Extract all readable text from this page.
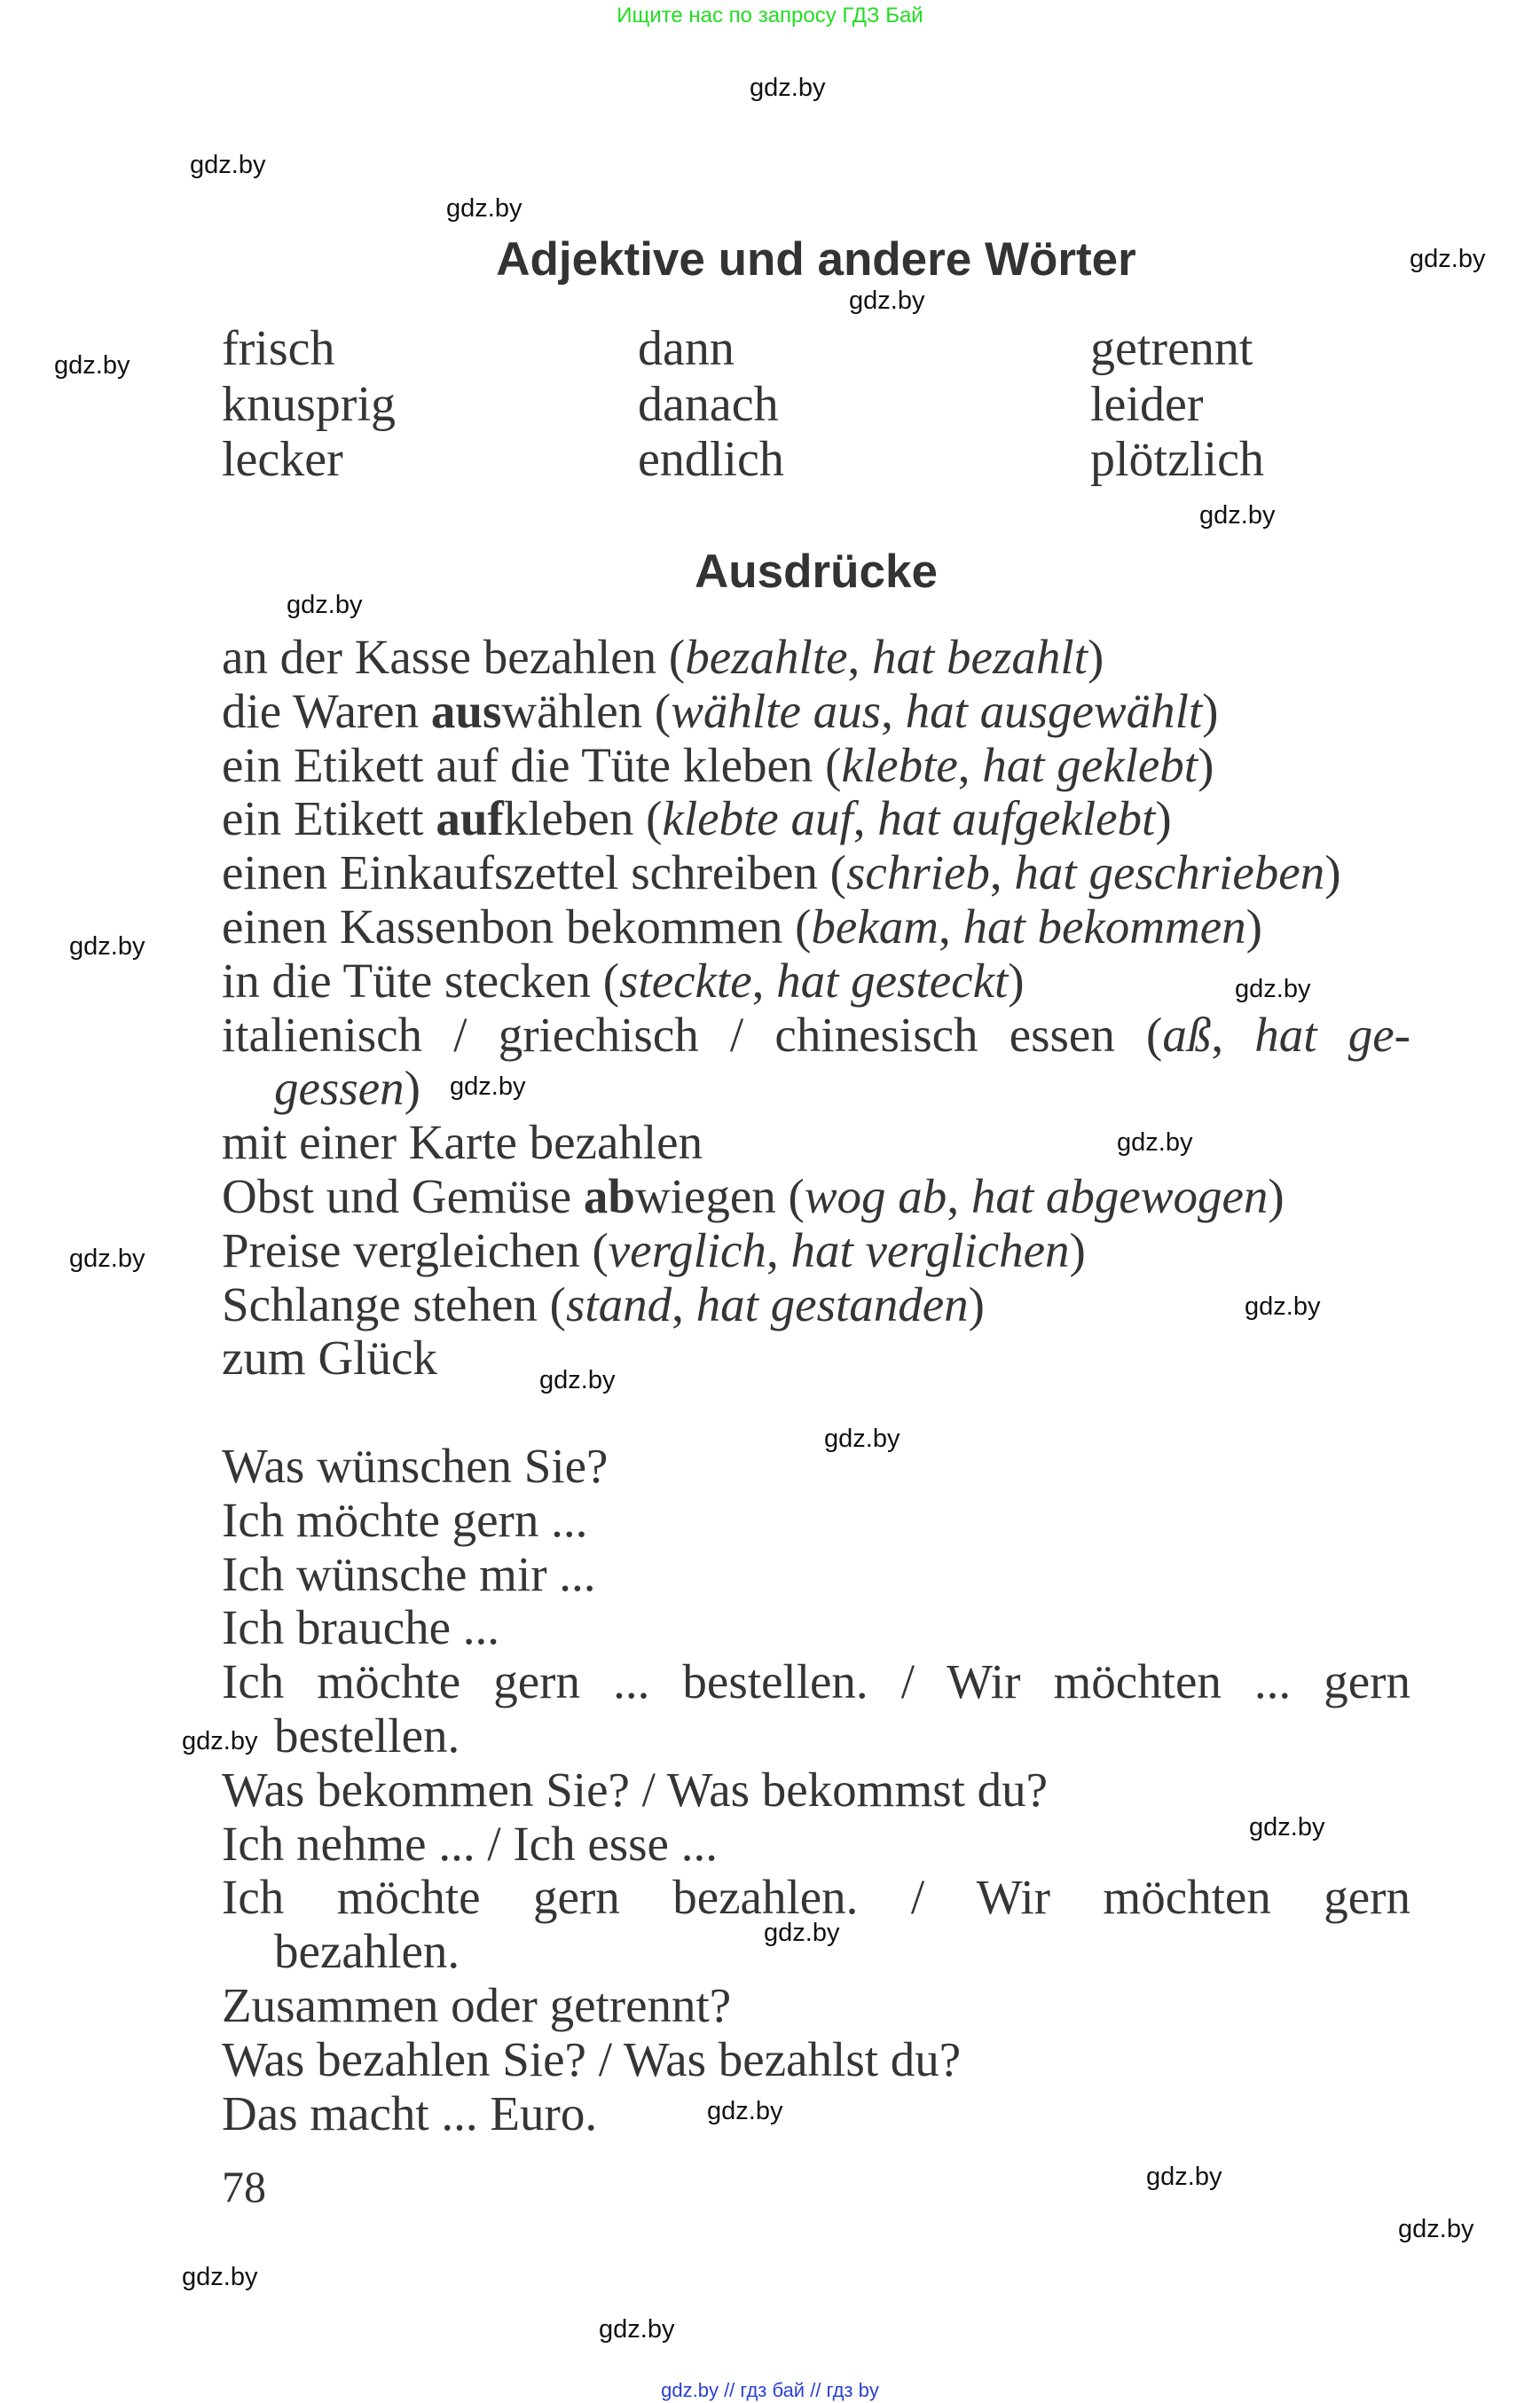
Ищите нас по запросу ГДЗ Бай
gdz.by
gdz.by
gdz.by
gdz.by
gdz.by
gdz.by
gdz.by
gdz.by
gdz.by
gdz.by
gdz.by
gdz.by
gdz.by
gdz.by
gdz.by
gdz.by
gdz.by
gdz.by
gdz.by
gdz.by
gdz.by
gdz.by
gdz.by
gdz.by
Adjektive und andere Wörter
frisch
knusprig
lecker
dann
danach
endlich
getrennt
leider
plötzlich
Ausdrücke
an der Kasse bezahlen (bezahlte, hat bezahlt)
die Waren auswählen (wählte aus, hat ausgewählt)
ein Etikett auf die Tüte kleben (klebte, hat geklebt)
ein Etikett aufkleben (klebte auf, hat aufgeklebt)
einen Einkaufszettel schreiben (schrieb, hat geschrieben)
einen Kassenbon bekommen (bekam, hat bekommen)
in die Tüte stecken (steckte, hat gesteckt)
italienisch / griechisch / chinesisch essen (aß, hat ge-
gessen)
mit einer Karte bezahlen
Obst und Gemüse abwiegen (wog ab, hat abgewogen)
Preise vergleichen (verglich, hat verglichen)
Schlange stehen (stand, hat gestanden)
zum Glück
Was wünschen Sie?
Ich möchte gern ...
Ich wünsche mir ...
Ich brauche ...
Ich möchte gern ... bestellen. / Wir möchten ... gern
bestellen.
Was bekommen Sie? / Was bekommst du?
Ich nehme ... / Ich esse ...
Ich möchte gern bezahlen. / Wir möchten gern
bezahlen.
Zusammen oder getrennt?
Was bezahlen Sie? / Was bezahlst du?
Das macht ... Euro.
78
gdz.by // гдз бай // гдз by
